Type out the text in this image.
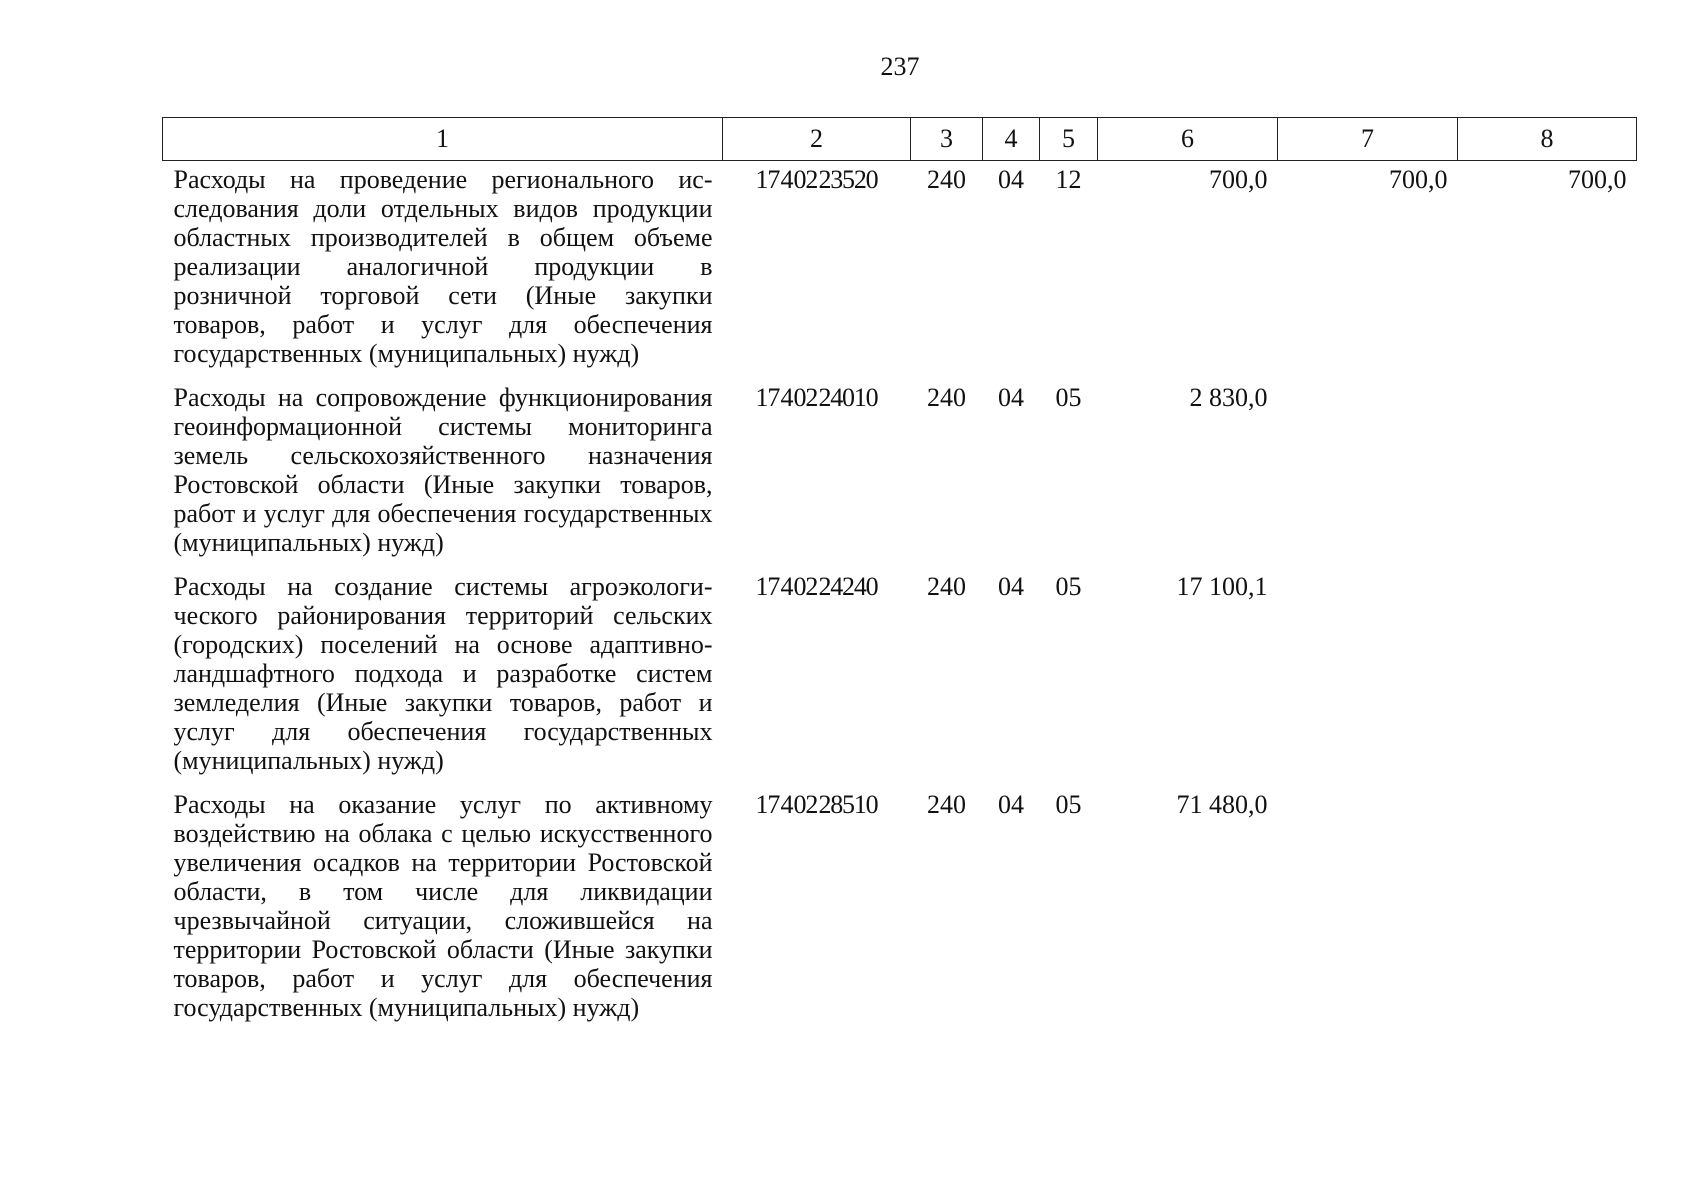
237
1	2	3	4	5	6	7	8
Расходы на проведение регионального исследования доли отдельных видов продукции областных производителей в общем объеме реализации аналогичной продукции в розничной торговой сети (Иные закупки товаров, работ и услуг для обеспечения государственных (муниципальных) нужд)	17 4 02 23520	240	04	12	700,0	700,0	700,0
Расходы на сопровождение функционирования геоинформационной системы мониторинга земель сельскохозяйственного назначения Ростовской области (Иные закупки товаров, работ и услуг для обеспечения государственных (муниципальных) нужд)	17 4 02 24010	240	04	05	2 830,0		
Расходы на создание системы агроэкологического районирования территорий сельских (городских) поселений на основе адаптивно-ландшафтного подхода и разработке систем земледелия (Иные закупки товаров, работ и услуг для обеспечения государственных (муниципальных) нужд)	17 4 02 24240	240	04	05	17 100,1		
Расходы на оказание услуг по активному воздействию на облака с целью искусственного увеличения осадков на территории Ростовской области, в том числе для ликвидации чрезвычайной ситуации, сложившейся на территории Ростовской области (Иные закупки товаров, работ и услуг для обеспечения государственных (муниципальных) нужд)	17 4 02 28510	240	04	05	71 480,0		
